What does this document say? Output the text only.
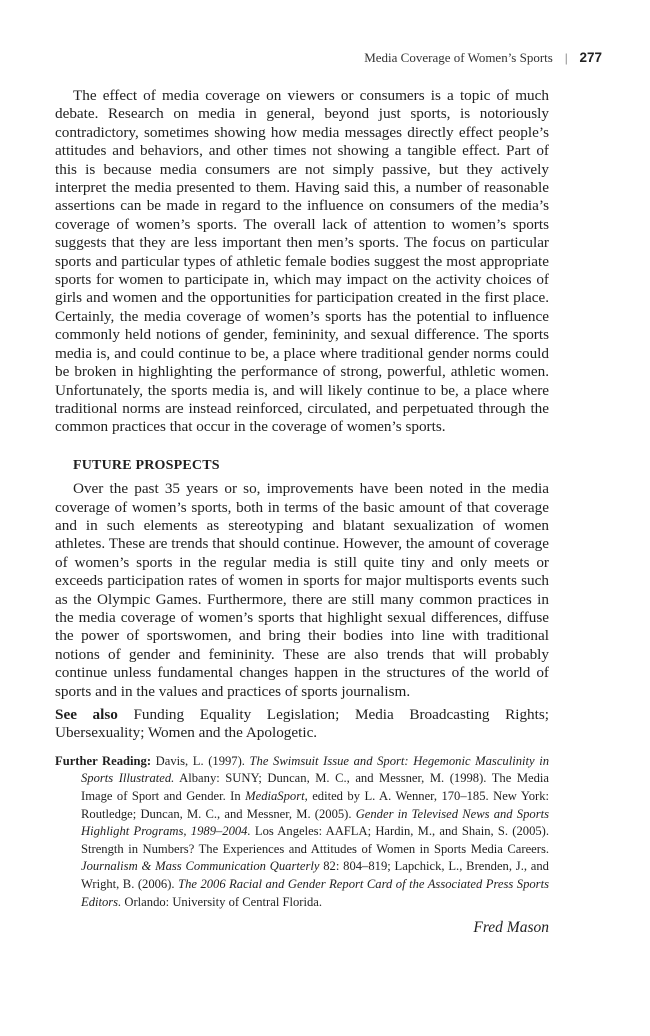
Media Coverage of Women’s Sports | 277

The effect of media coverage on viewers or consumers is a topic of much debate. Research on media in general, beyond just sports, is notoriously contradictory, sometimes showing how media messages directly effect people’s attitudes and behaviors, and other times not showing a tangible effect. Part of this is because media consumers are not simply passive, but they actively interpret the media presented to them. Having said this, a number of reasonable assertions can be made in regard to the influence on consumers of the media’s coverage of women’s sports. The overall lack of attention to women’s sports suggests that they are less important then men’s sports. The focus on particular sports and particular types of athletic female bodies suggest the most appropriate sports for women to participate in, which may impact on the activity choices of girls and women and the opportunities for participation created in the first place. Certainly, the media coverage of women’s sports has the potential to influence commonly held notions of gender, femininity, and sexual difference. The sports media is, and could continue to be, a place where traditional gender norms could be broken in highlighting the performance of strong, powerful, athletic women. Unfortunately, the sports media is, and will likely continue to be, a place where traditional norms are instead reinforced, circulated, and perpetuated through the common practices that occur in the coverage of women’s sports.

FUTURE PROSPECTS

Over the past 35 years or so, improvements have been noted in the media coverage of women’s sports, both in terms of the basic amount of that coverage and in such elements as stereotyping and blatant sexualization of women athletes. These are trends that should continue. However, the amount of coverage of women’s sports in the regular media is still quite tiny and only meets or exceeds participation rates of women in sports for major multisports events such as the Olympic Games. Furthermore, there are still many common practices in the media coverage of women’s sports that highlight sexual differences, diffuse the power of sportswomen, and bring their bodies into line with traditional notions of gender and femininity. These are also trends that will probably continue unless fundamental changes happen in the structures of the world of sports and in the values and practices of sports journalism.

See also Funding Equality Legislation; Media Broadcasting Rights; Ubersexuality; Women and the Apologetic.

Further Reading: Davis, L. (1997). The Swimsuit Issue and Sport: Hegemonic Masculinity in Sports Illustrated. Albany: SUNY; Duncan, M. C., and Messner, M. (1998). The Media Image of Sport and Gender. In MediaSport, edited by L. A. Wenner, 170–185. New York: Routledge; Duncan, M. C., and Messner, M. (2005). Gender in Televised News and Sports Highlight Programs, 1989–2004. Los Angeles: AAFLA; Hardin, M., and Shain, S. (2005). Strength in Numbers? The Experiences and Attitudes of Women in Sports Media Careers. Journalism & Mass Communication Quarterly 82: 804–819; Lapchick, L., Brenden, J., and Wright, B. (2006). The 2006 Racial and Gender Report Card of the Associated Press Sports Editors. Orlando: University of Central Florida.

Fred Mason
